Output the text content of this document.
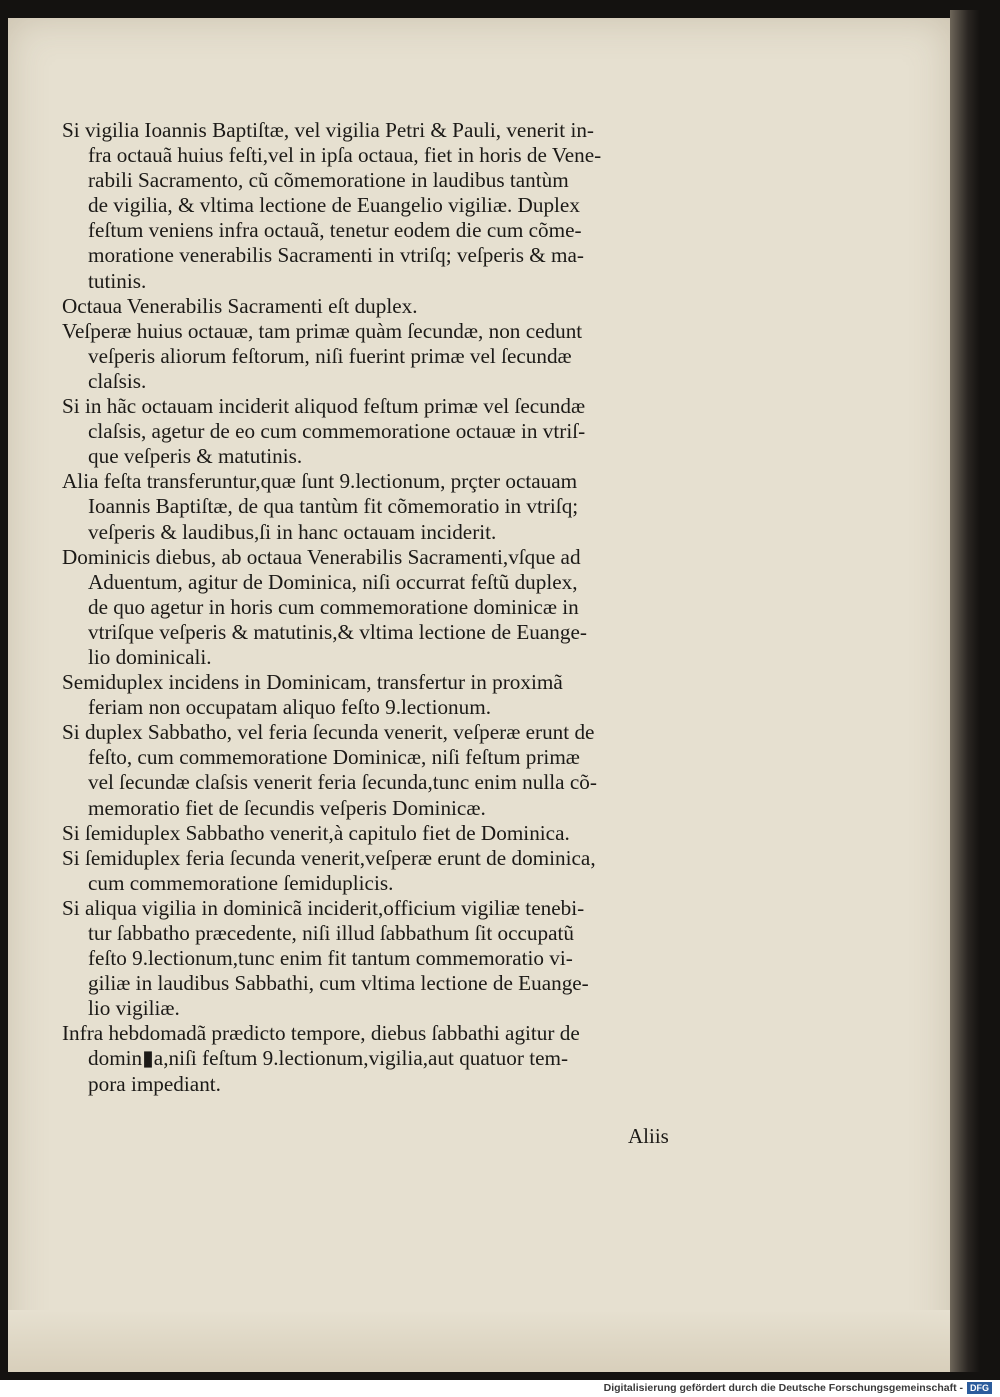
Si vigilia Ioannis Baptiſtæ, vel vigilia Petri & Pauli, venerit in-
fra octauã huius feſti,vel in ipſa octaua, fiet in horis de Vene-
rabili Sacramento, cũ cõmemoratione in laudibus tantùm
de vigilia, & vltima lectione de Euangelio vigiliæ. Duplex
feſtum veniens infra octauã, tenetur eodem die cum cõme-
moratione venerabilis Sacramenti in vtriſq; veſperis & ma-
tutinis.

Octaua Venerabilis Sacramenti eſt duplex.

Veſperæ huius octauæ, tam primæ quàm ſecundæ, non cedunt
veſperis aliorum feſtorum, niſi fuerint primæ vel ſecundæ
claſsis.

Si in hãc octauam inciderit aliquod feſtum primæ vel ſecundæ
claſsis, agetur de eo cum commemoratione octauæ in vtriſ-
que veſperis & matutinis.

Alia feſta transferuntur,quæ ſunt 9.lectionum, prçter octauam
Ioannis Baptiſtæ, de qua tantùm fit cõmemoratio in vtriſq;
veſperis & laudibus,ſi in hanc octauam inciderit.

Dominicis diebus, ab octaua Venerabilis Sacramenti,vſque ad
Aduentum, agitur de Dominica, niſi occurrat feſtũ duplex,
de quo agetur in horis cum commemoratione dominicæ in
vtriſque veſperis & matutinis,& vltima lectione de Euange-
lio dominicali.

Semiduplex incidens in Dominicam, transfertur in proximã
feriam non occupatam aliquo feſto 9.lectionum.

Si duplex Sabbatho, vel feria ſecunda venerit, veſperæ erunt de
feſto, cum commemoratione Dominicæ, niſi feſtum primæ
vel ſecundæ claſsis venerit feria ſecunda,tunc enim nulla cõ-
memoratio fiet de ſecundis veſperis Dominicæ.

Si ſemiduplex Sabbatho venerit,à capitulo fiet de Dominica.

Si ſemiduplex feria ſecunda venerit,veſperæ erunt de dominica,
cum commemoratione ſemiduplicis.

Si aliqua vigilia in dominicã inciderit,officium vigiliæ tenebi-
tur ſabbatho præcedente, niſi illud ſabbathum ſit occupatũ
feſto 9.lectionum,tunc enim fit tantum commemoratio vi-
giliæ in laudibus Sabbathi, cum vltima lectione de Euange-
lio vigiliæ.

Infra hebdomadã prædicto tempore, diebus ſabbathi agitur de
domin▮a,niſi feſtum 9.lectionum,vigilia,aut quatuor tem-
pora impediant.

Aliis
Digitalisierung gefördert durch die Deutsche Forschungsgemeinschaft - DFG
